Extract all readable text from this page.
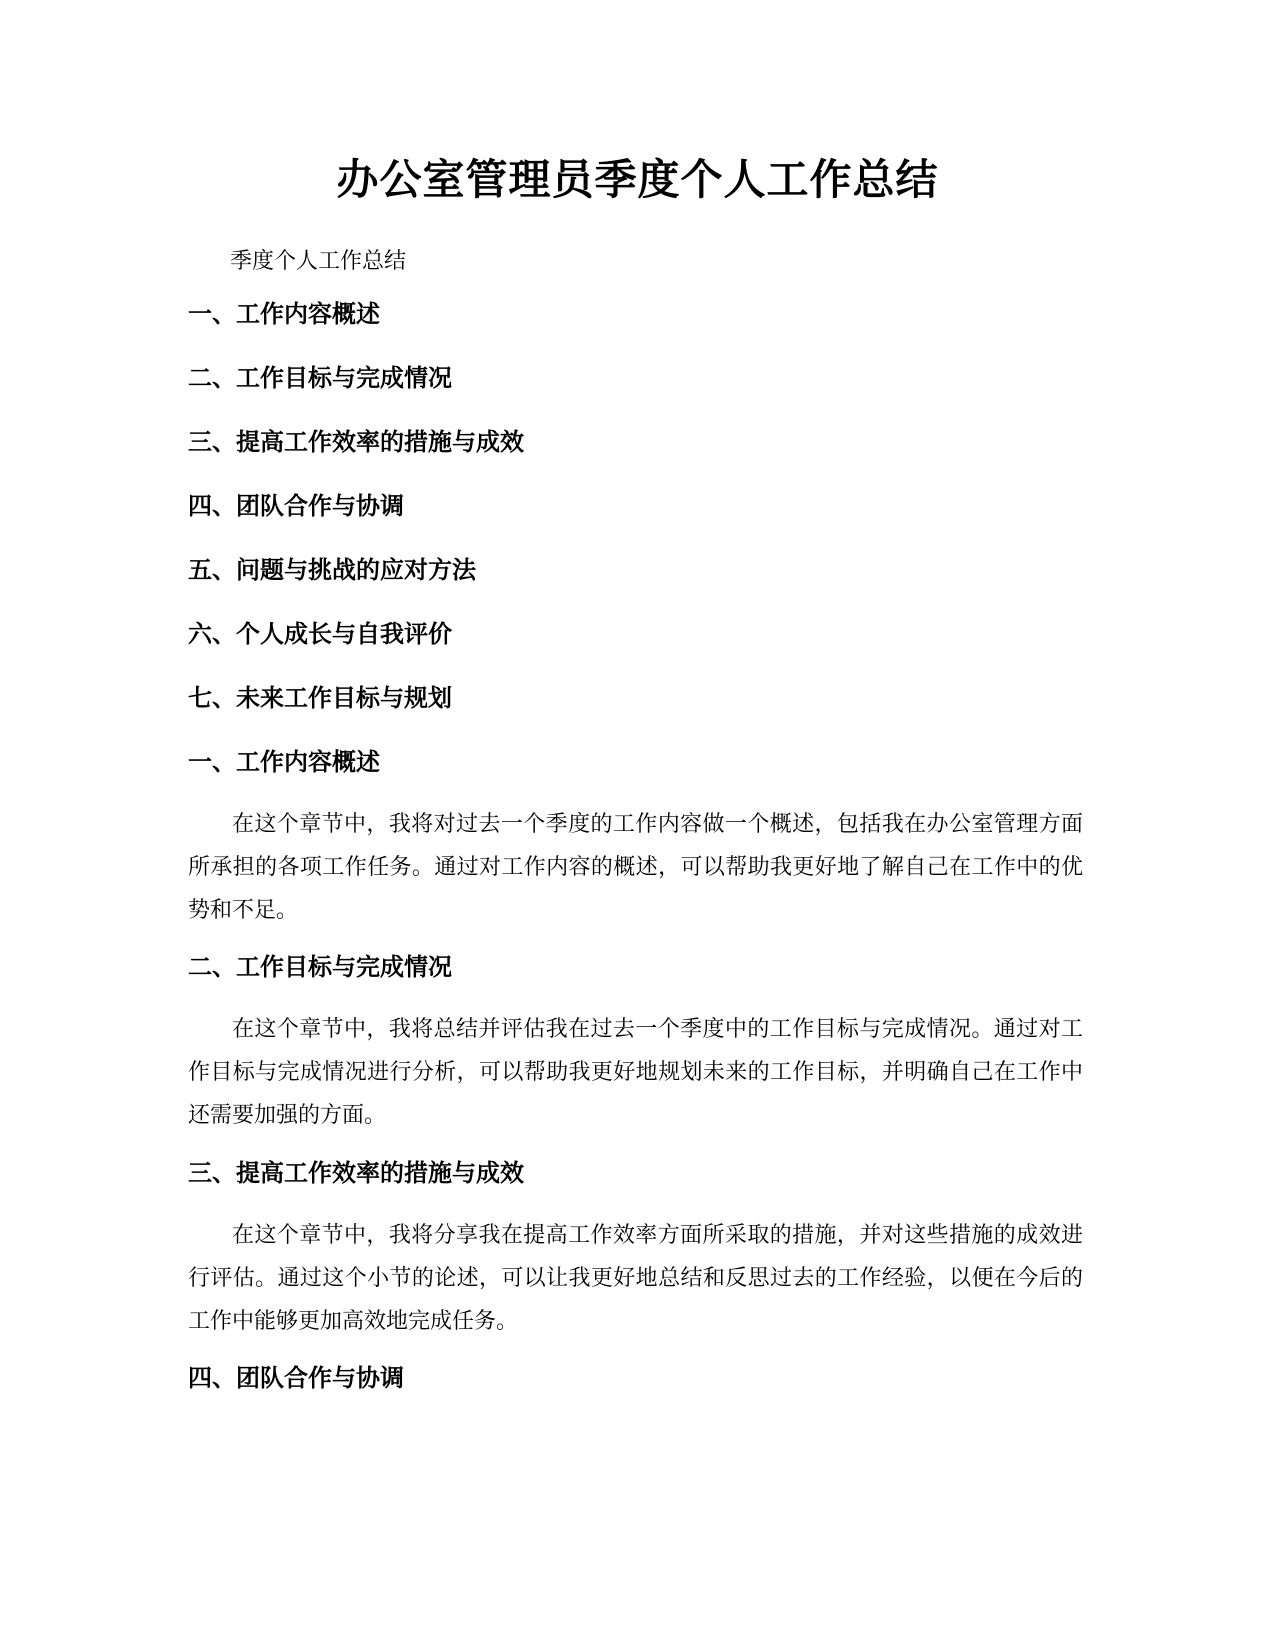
办公室管理员季度个人工作总结

季度个人工作总结

一、工作内容概述
二、工作目标与完成情况
三、提高工作效率的措施与成效
四、团队合作与协调
五、问题与挑战的应对方法
六、个人成长与自我评价
七、未来工作目标与规划
一、工作内容概述

在这个章节中，我将对过去一个季度的工作内容做一个概述，包括我在办公室管理方面所承担的各项工作任务。通过对工作内容的概述，可以帮助我更好地了解自己在工作中的优势和不足。

二、工作目标与完成情况

在这个章节中，我将总结并评估我在过去一个季度中的工作目标与完成情况。通过对工作目标与完成情况进行分析，可以帮助我更好地规划未来的工作目标，并明确自己在工作中还需要加强的方面。

三、提高工作效率的措施与成效

在这个章节中，我将分享我在提高工作效率方面所采取的措施，并对这些措施的成效进行评估。通过这个小节的论述，可以让我更好地总结和反思过去的工作经验，以便在今后的工作中能够更加高效地完成任务。

四、团队合作与协调
